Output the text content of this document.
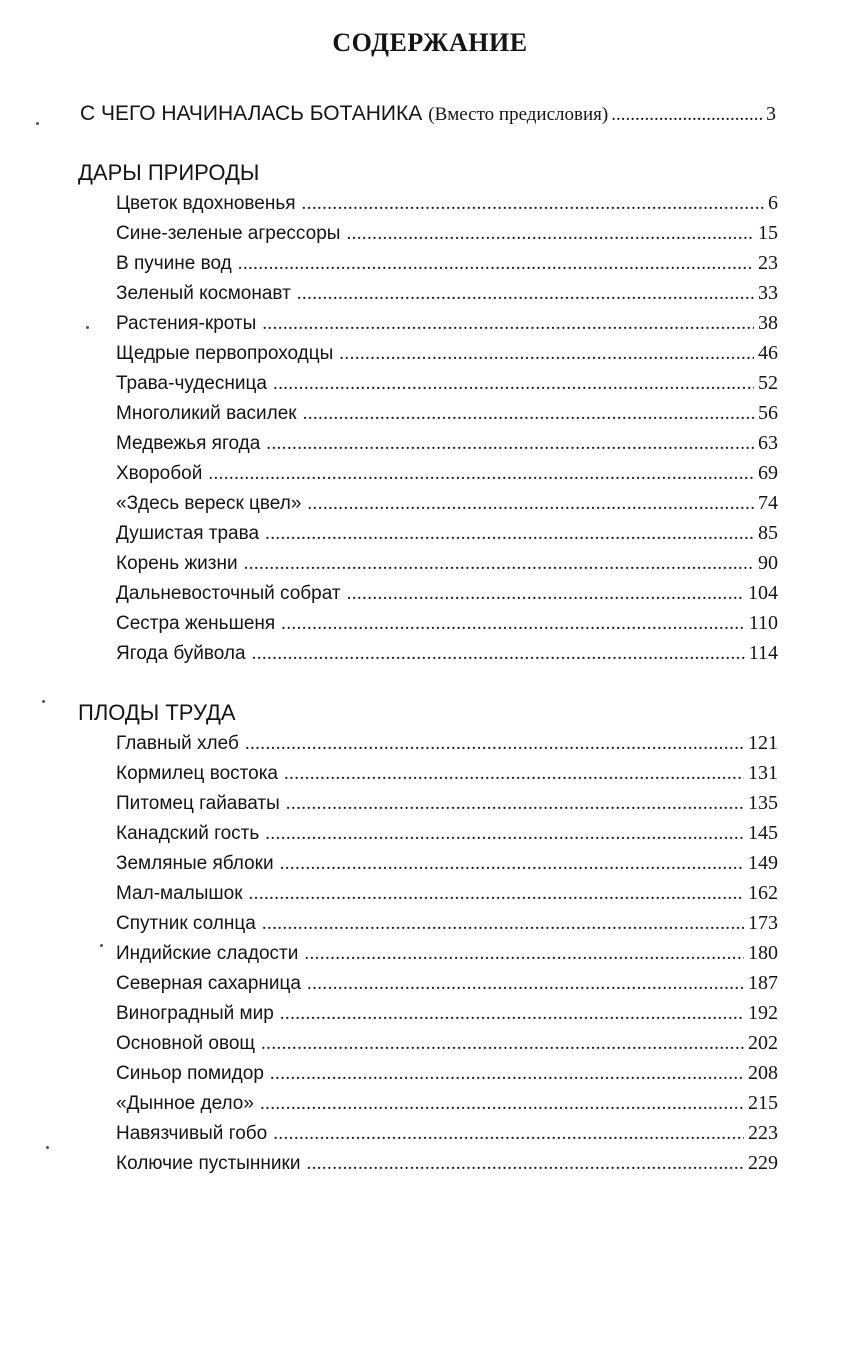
СОДЕРЖАНИЕ
С ЧЕГО НАЧИНАЛАСЬ БОТАНИКА (Вместо предисловия) .....	3
ДАРЫ ПРИРОДЫ
Цветок вдохновенья .....	6
Сине-зеленые агрессоры .....	15
В пучине вод .....	23
Зеленый космонавт .....	33
Растения-кроты .....	38
Щедрые первопроходцы .....	46
Трава-чудесница .....	52
Многоликий василек .....	56
Медвежья ягода .....	63
Хворобой .....	69
«Здесь вереск цвел» .....	74
Душистая трава .....	85
Корень жизни .....	90
Дальневосточный собрат .....	104
Сестра женьшеня .....	110
Ягода буйвола .....	114
ПЛОДЫ ТРУДА
Главный хлеб .....	121
Кормилец востока .....	131
Питомец гайаваты .....	135
Канадский гость .....	145
Земляные яблоки .....	149
Мал-малышок .....	162
Спутник солнца .....	173
Индийские сладости .....	180
Северная сахарница .....	187
Виноградный мир .....	192
Основной овощ .....	202
Синьор помидор .....	208
«Дынное дело» .....	215
Навязчивый гобо .....	223
Колючие пустынники .....	229
